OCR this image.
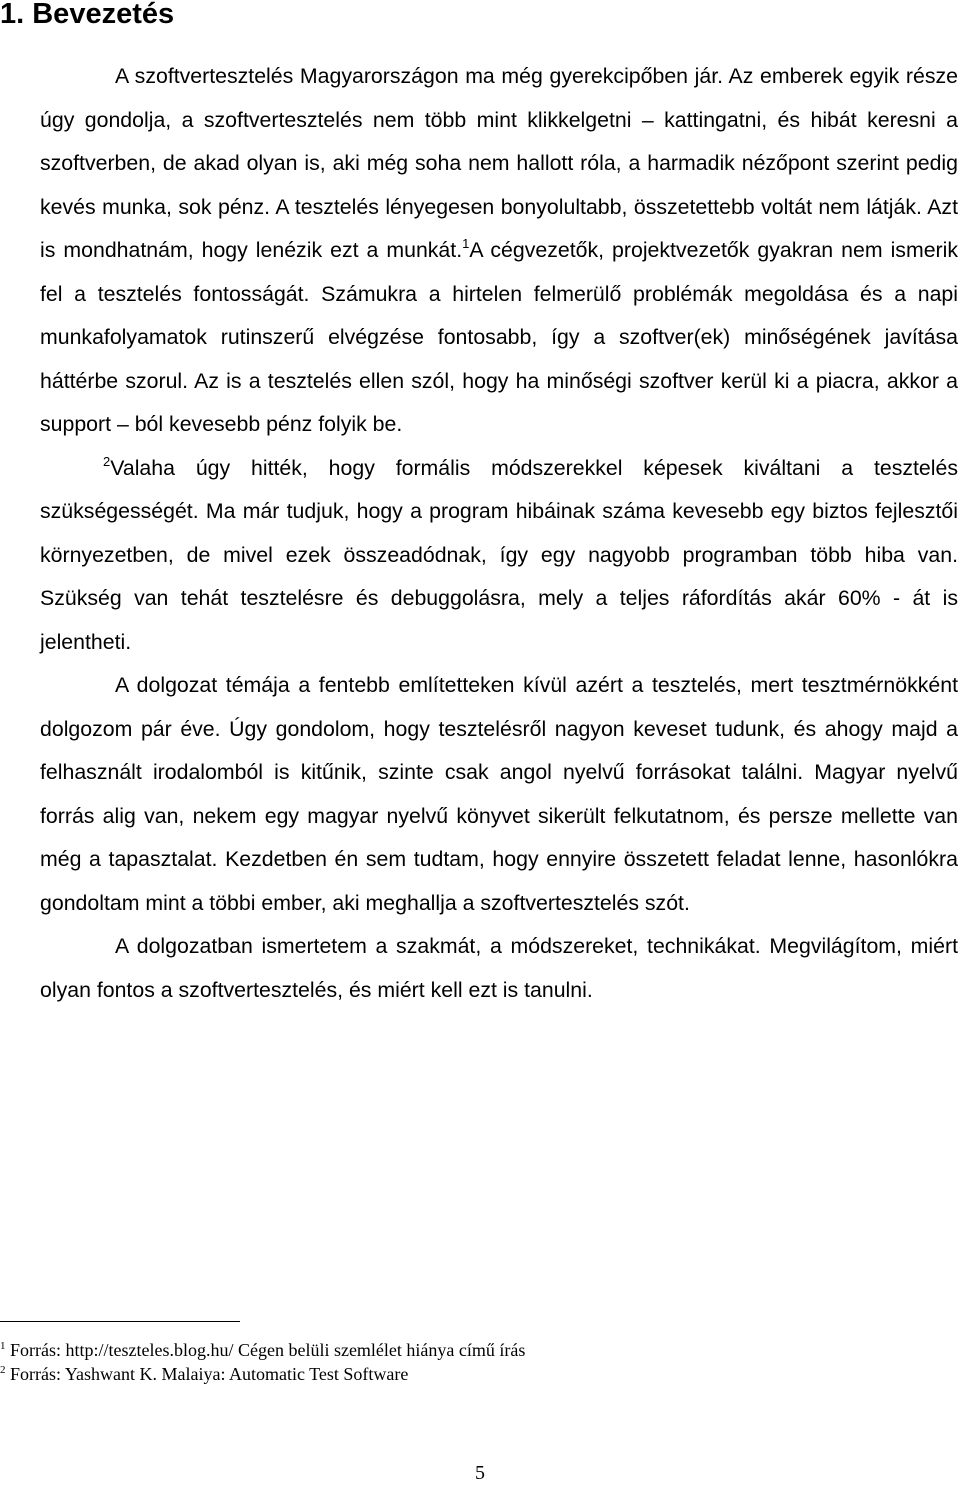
1. Bevezetés

A szoftvertesztelés Magyarországon ma még gyerekcipőben jár. Az emberek egyik része úgy gondolja, a szoftvertesztelés nem több mint klikkelgetni – kattingatni, és hibát keresni a szoftverben, de akad olyan is, aki még soha nem hallott róla, a harmadik nézőpont szerint pedig kevés munka, sok pénz. A tesztelés lényegesen bonyolultabb, összetettebb voltát nem látják. Azt is mondhatnám, hogy lenézik ezt a munkát.$^1$A cégvezetők, projektvezetők gyakran nem ismerik fel a tesztelés fontosságát. Számukra a hirtelen felmerülő problémák megoldása és a napi munkafolyamatok rutinszerű elvégzése fontosabb, így a szoftver(ek) minőségének javítása háttérbe szorul. Az is a tesztelés ellen szól, hogy ha minőségi szoftver kerül ki a piacra, akkor a support – ból kevesebb pénz folyik be.

$^2$Valaha úgy hitték, hogy formális módszerekkel képesek kiváltani a tesztelés szükségességét. Ma már tudjuk, hogy a program hibáinak száma kevesebb egy biztos fejlesztői környezetben, de mivel ezek összeadódnak, így egy nagyobb programban több hiba van. Szükség van tehát tesztelésre és debuggolásra, mely a teljes ráfordítás akár 60% - át is jelentheti.

A dolgozat témája a fentebb említetteken kívül azért a tesztelés, mert tesztmérnökként dolgozom pár éve. Úgy gondolom, hogy tesztelésről nagyon keveset tudunk, és ahogy majd a felhasznált irodalomból is kitűnik, szinte csak angol nyelvű forrásokat találni. Magyar nyelvű forrás alig van, nekem egy magyar nyelvű könyvet sikerült felkutatnom, és persze mellette van még a tapasztalat. Kezdetben én sem tudtam, hogy ennyire összetett feladat lenne, hasonlókra gondoltam mint a többi ember, aki meghallja a szoftvertesztelés szót.

A dolgozatban ismertetem a szakmát, a módszereket, technikákat. Megvilágítom, miért olyan fontos a szoftvertesztelés, és miért kell ezt is tanulni.

$^1$ Forrás: http://teszteles.blog.hu/ Cégen belüli szemlélet hiánya című írás
$^2$ Forrás: Yashwant K. Malaiya: Automatic Test Software
5
